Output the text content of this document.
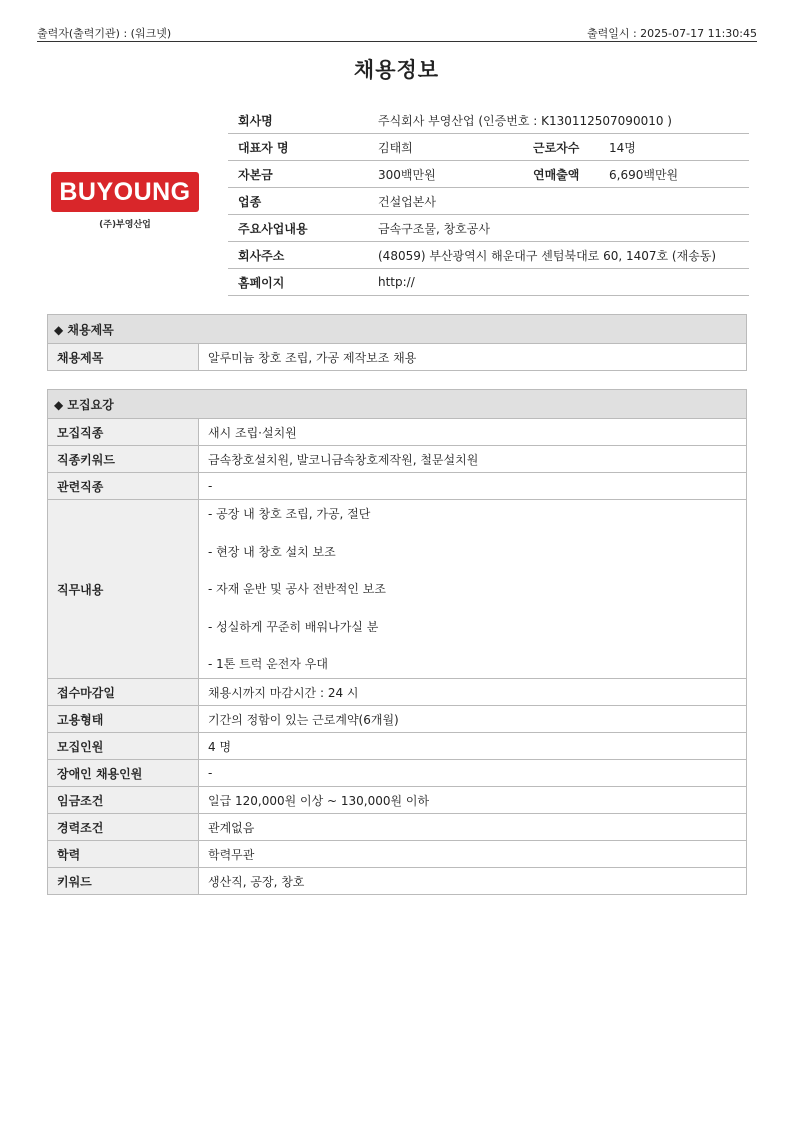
출력자(출력기관) : (워크넷)	출력일시 : 2025-07-17 11:30:45
채용정보
BUYOUNG
(주)부영산업
회사명	주식회사 부영산업 (인증번호 : K130112507090010 )		
대표자 명	김태희	근로자수	14명
자본금	300백만원	연매출액	6,690백만원
업종	건설업본사		
주요사업내용	금속구조물, 창호공사		
회사주소	(48059) 부산광역시 해운대구 센텀북대로 60, 1407호 (재송동)		
홈페이지	http://		
◆ 채용제목
채용제목	알루미늄 창호 조립, 가공 제작보조 채용
◆ 모집요강	
모집직종	새시 조립·설치원
직종키워드	금속창호설치원, 발코니금속창호제작원, 철문설치원
관련직종	-
직무내용	- 공장 내 창호 조립, 가공, 절단
- 현장 내 창호 설치 보조
- 자재 운반 및 공사 전반적인 보조
- 성실하게 꾸준히 배워나가실 분
- 1톤 트럭 운전자 우대

접수마감일	채용시까지 마감시간 : 24 시
고용형태	기간의 정함이 있는 근로계약(6개월)
모집인원	4 명
장애인 채용인원	-
임금조건	일급 120,000원 이상 ~ 130,000원 이하
경력조건	관계없음
학력	학력무관
키워드	생산직, 공장, 창호
